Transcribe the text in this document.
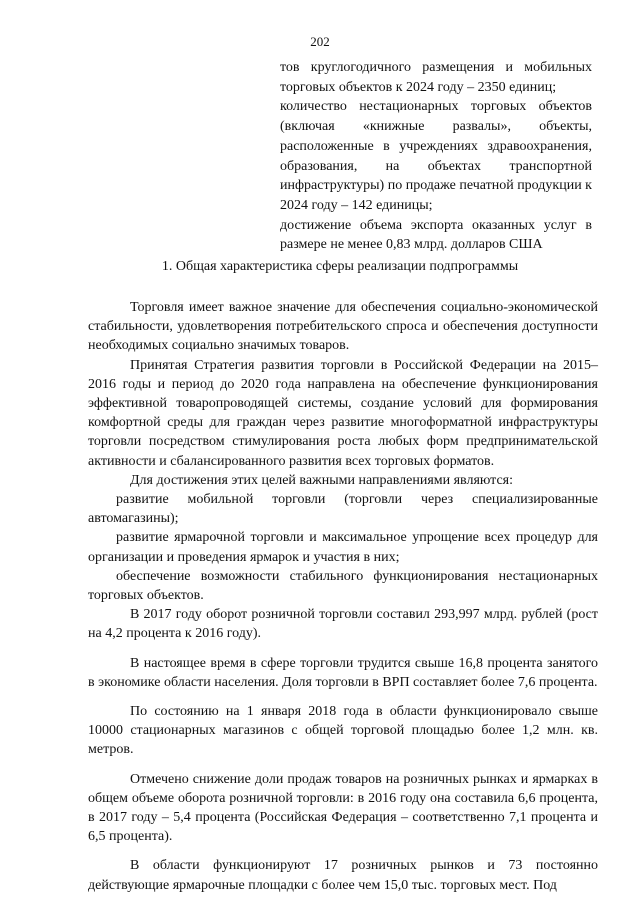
202

тов круглогодичного размещения и мобильных торговых объектов к 2024 году – 2350 единиц;

количество нестационарных торговых объектов (включая «книжные развалы», объекты, расположенные в учреждениях здравоохранения, образования, на объектах транспортной инфраструктуры) по продаже печатной продукции к 2024 году – 142 единицы;

достижение объема экспорта оказанных услуг в размере не менее 0,83 млрд. долларов США

1. Общая характеристика сферы реализации подпрограммы

Торговля имеет важное значение для обеспечения социально-экономической стабильности, удовлетворения потребительского спроса и обеспечения доступности необходимых социально значимых товаров.

Принятая Стратегия развития торговли в Российской Федерации на 2015–2016 годы и период до 2020 года направлена на обеспечение функционирования эффективной товаропроводящей системы, создание условий для формирования комфортной среды для граждан через развитие многоформатной инфраструктуры торговли посредством стимулирования роста любых форм предпринимательской активности и сбалансированного развития всех торговых форматов.

Для достижения этих целей важными направлениями являются:

развитие мобильной торговли (торговли через специализированные автомагазины);

развитие ярмарочной торговли и максимальное упрощение всех процедур для организации и проведения ярмарок и участия в них;

обеспечение возможности стабильного функционирования нестационарных торговых объектов.

В 2017 году оборот розничной торговли составил 293,997 млрд. рублей (рост на 4,2 процента к 2016 году).

В настоящее время в сфере торговли трудится свыше 16,8 процента занятого в экономике области населения. Доля торговли в ВРП составляет более 7,6 процента.

По состоянию на 1 января 2018 года в области функционировало свыше 10000 стационарных магазинов с общей торговой площадью более 1,2 млн. кв. метров.

Отмечено снижение доли продаж товаров на розничных рынках и ярмарках в общем объеме оборота розничной торговли: в 2016 году она составила 6,6 процента, в 2017 году – 5,4 процента (Российская Федерация – соответственно 7,1 процента и 6,5 процента).

В области функционируют 17 розничных рынков и 73 постоянно действующие ярмарочные площадки с более чем 15,0 тыс. торговых мест. Под
